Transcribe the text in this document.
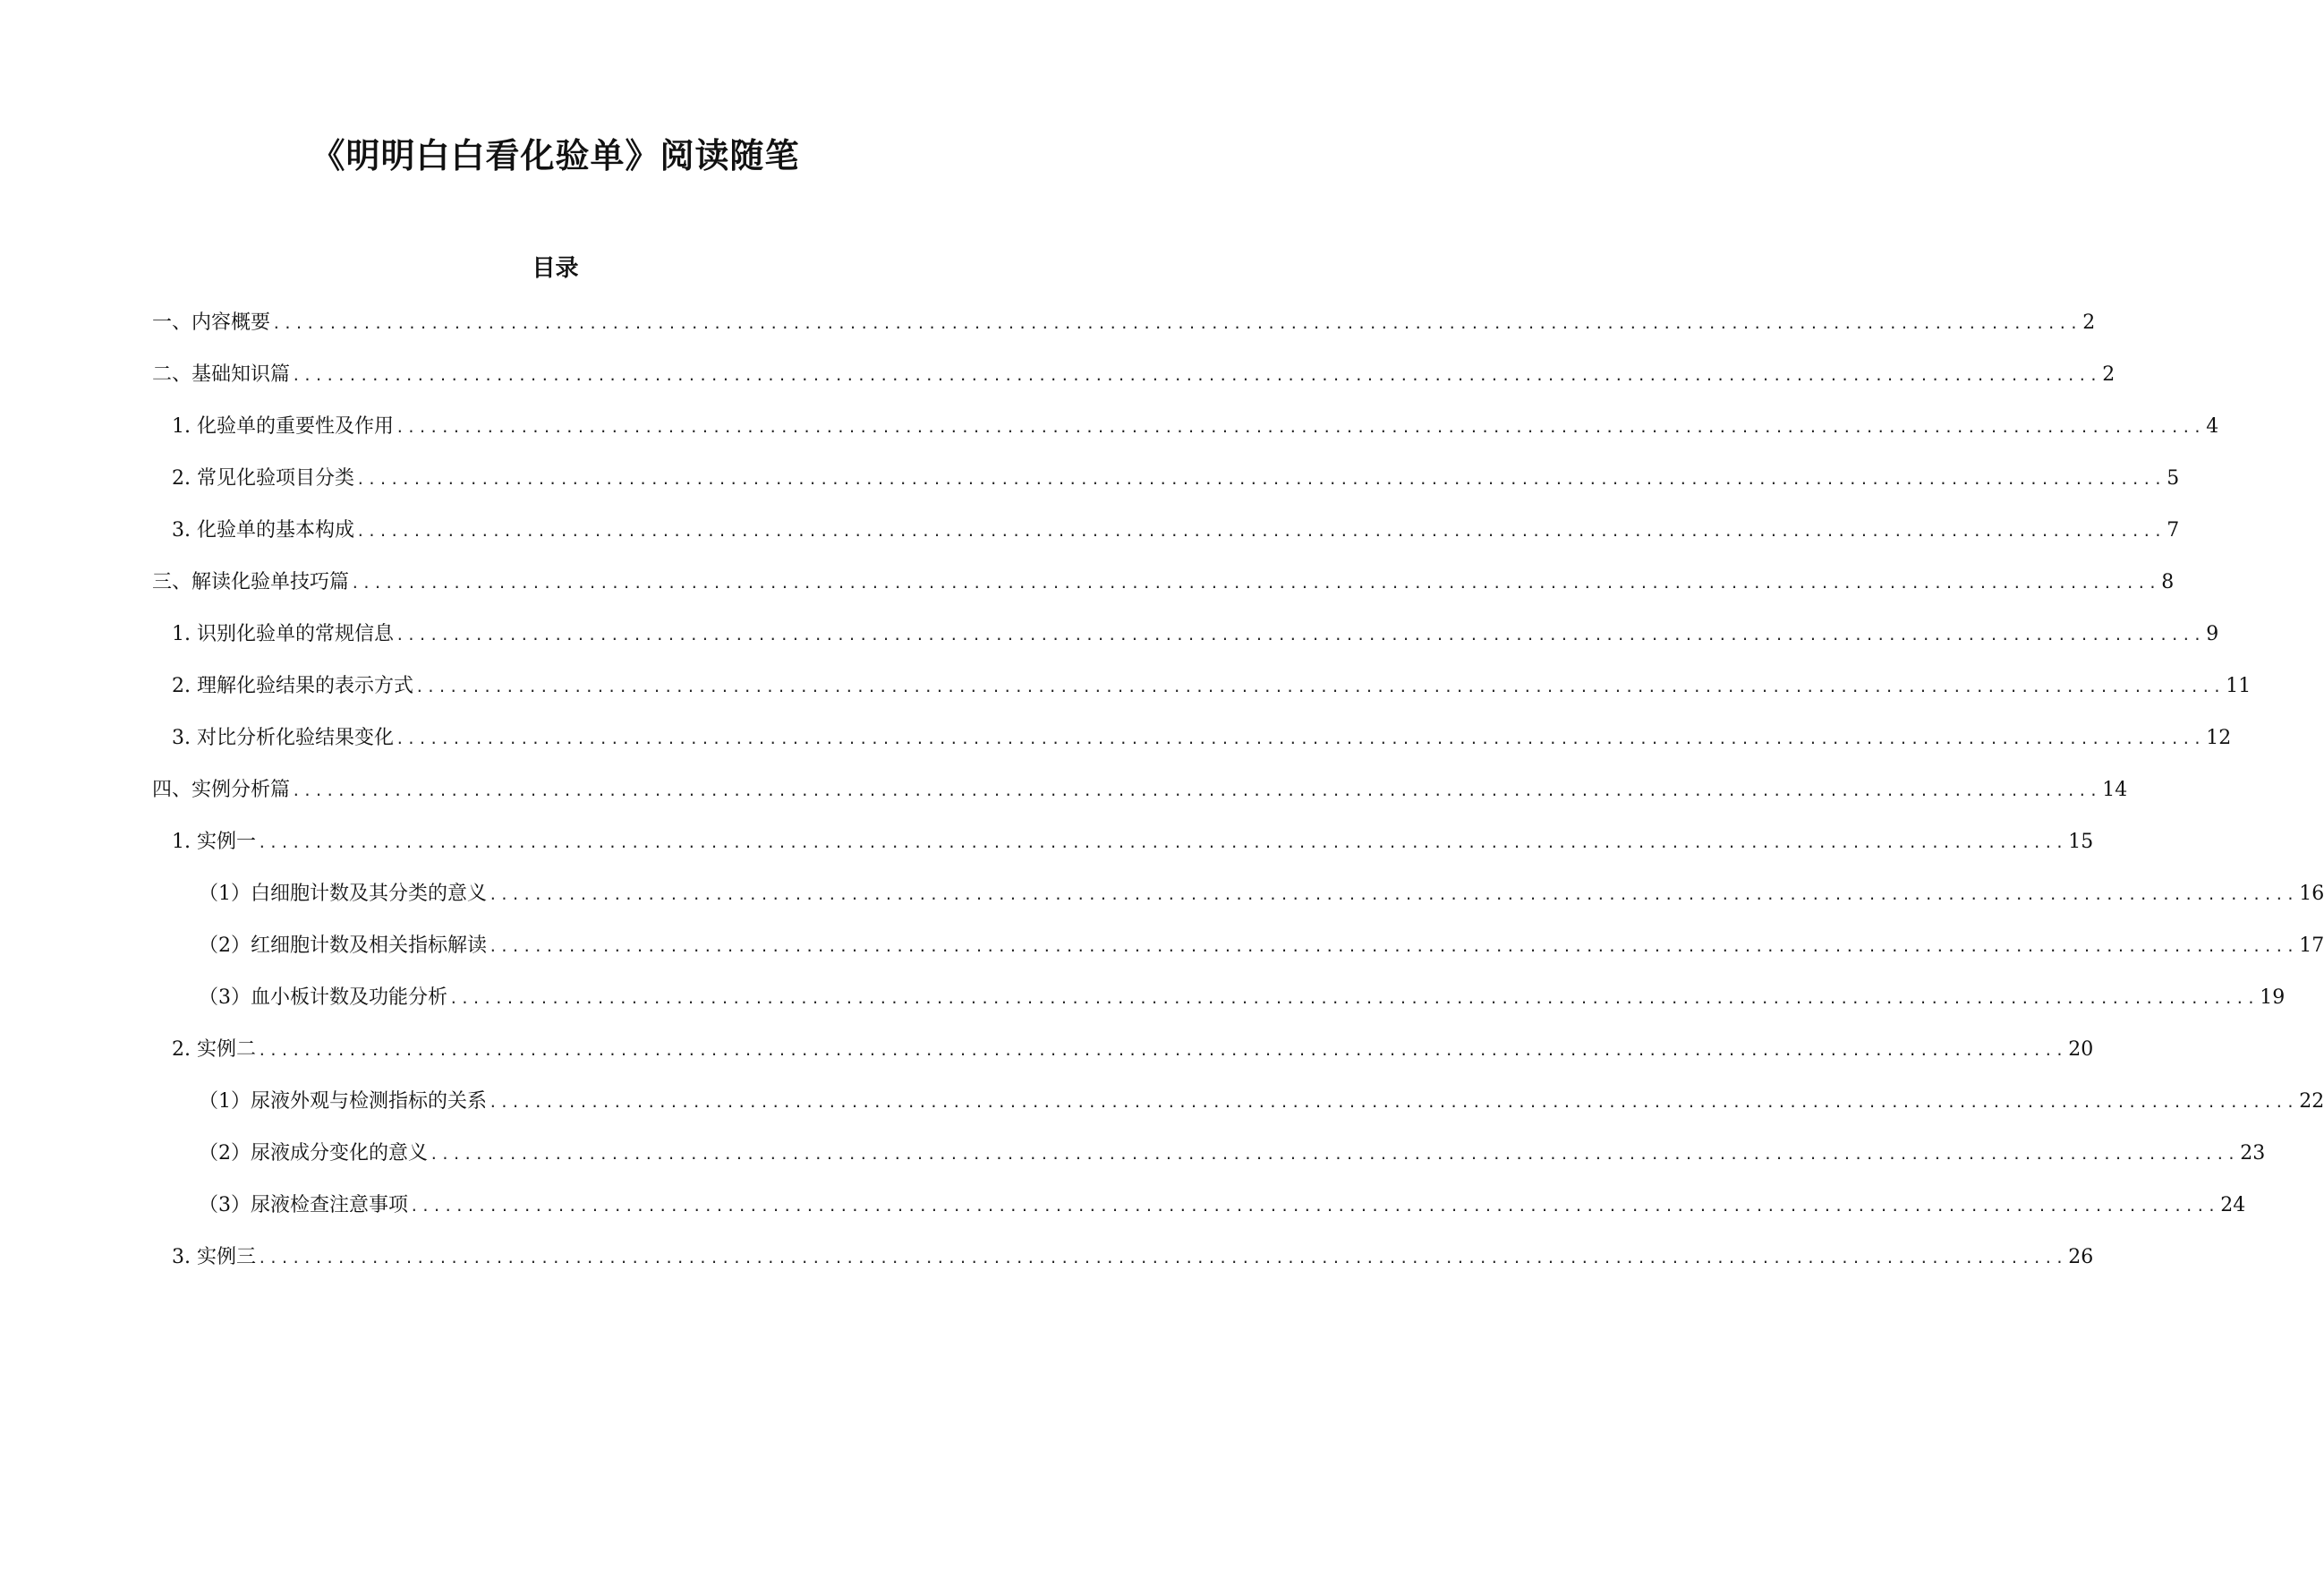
《明明白白看化验单》阅读随笔
目录
一、内容概要 ................................................................................................................................................................ 2
二、基础知识篇 ................................................................................................................................................................ 2
1. 化验单的重要性及作用 ................................................................................................................................................................ 4
2. 常见化验项目分类 ................................................................................................................................................................ 5
3. 化验单的基本构成 ................................................................................................................................................................ 7
三、解读化验单技巧篇 ................................................................................................................................................................ 8
1. 识别化验单的常规信息 ................................................................................................................................................................ 9
2. 理解化验结果的表示方式 ................................................................................................................................................................ 11
3. 对比分析化验结果变化 ................................................................................................................................................................ 12
四、实例分析篇 ................................................................................................................................................................ 14
1. 实例一 ................................................................................................................................................................ 15
（1）白细胞计数及其分类的意义 ................................................................................................................................................................ 16
（2）红细胞计数及相关指标解读 ................................................................................................................................................................ 17
（3）血小板计数及功能分析 ................................................................................................................................................................ 19
2. 实例二 ................................................................................................................................................................ 20
（1）尿液外观与检测指标的关系 ................................................................................................................................................................ 22
（2）尿液成分变化的意义 ................................................................................................................................................................ 23
（3）尿液检查注意事项 ................................................................................................................................................................ 24
3. 实例三 ................................................................................................................................................................ 26
